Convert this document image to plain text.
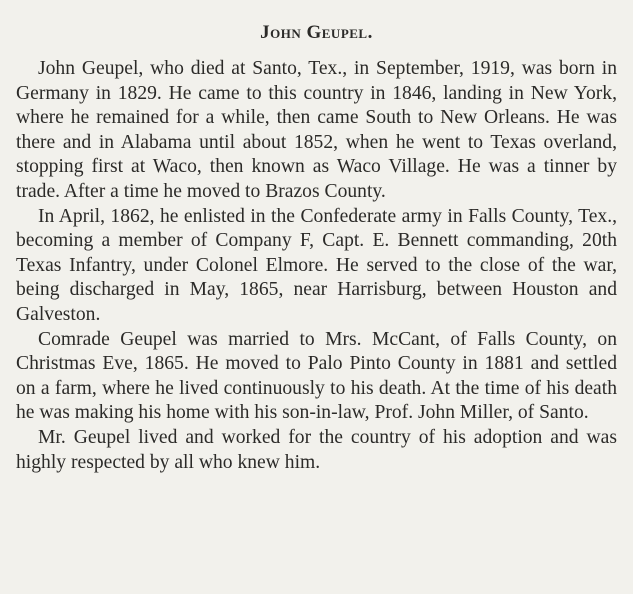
John Geupel.

John Geupel, who died at Santo, Tex., in September, 1919, was born in Germany in 1829. He came to this country in 1846, landing in New York, where he remained for a while, then came South to New Orleans. He was there and in Alabama until about 1852, when he went to Texas overland, stopping first at Waco, then known as Waco Village. He was a tinner by trade. After a time he moved to Brazos County.

In April, 1862, he enlisted in the Confederate army in Falls County, Tex., becoming a member of Company F, Capt. E. Bennett commanding, 20th Texas Infantry, under Colonel Elmore. He served to the close of the war, being discharged in May, 1865, near Harrisburg, between Houston and Galveston.

Comrade Geupel was married to Mrs. McCant, of Falls County, on Christmas Eve, 1865. He moved to Palo Pinto County in 1881 and settled on a farm, where he lived continuously to his death. At the time of his death he was making his home with his son-in-law, Prof. John Miller, of Santo.

Mr. Geupel lived and worked for the country of his adoption and was highly respected by all who knew him.
